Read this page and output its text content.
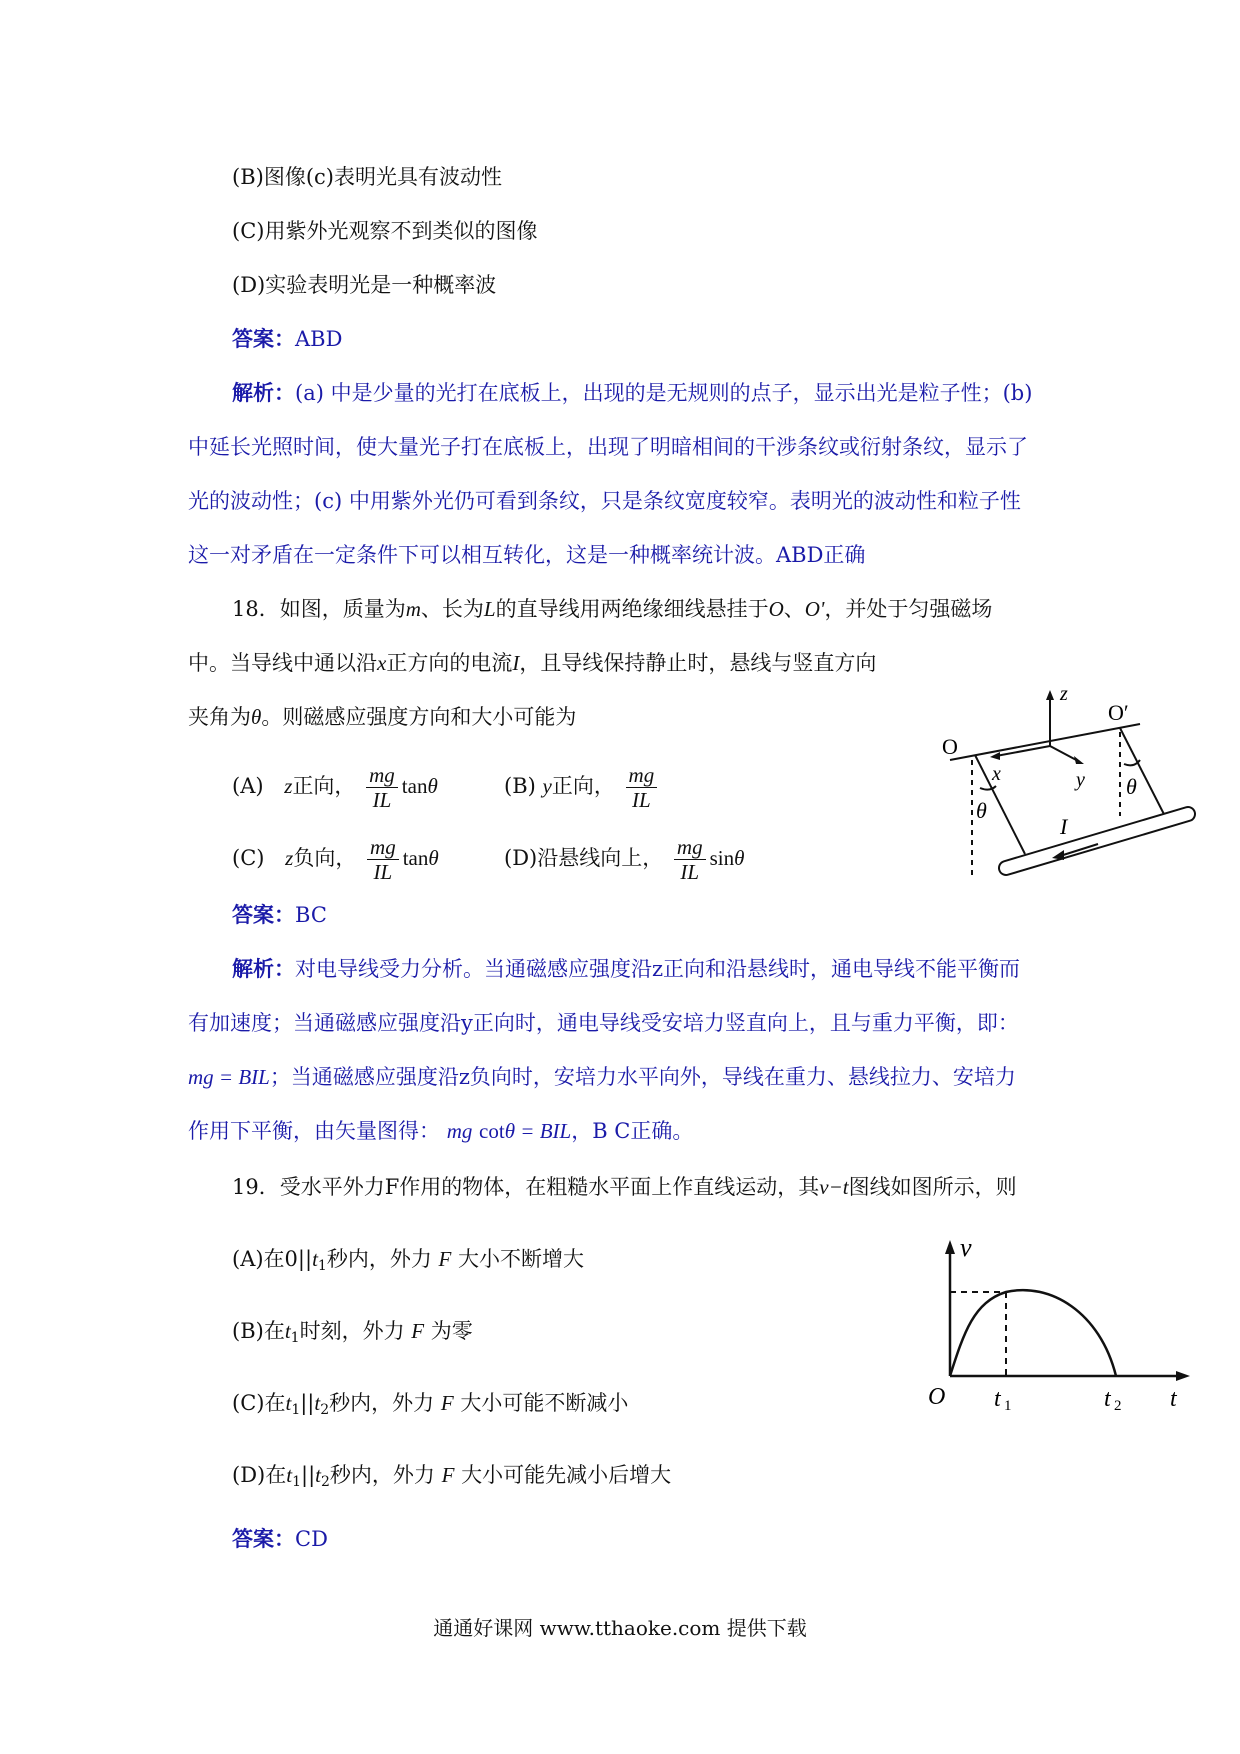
(B)图像(c)表明光具有波动性
(C)用紫外光观察不到类似的图像
(D)实验表明光是一种概率波
答案：ABD
解析：(a) 中是少量的光打在底板上，出现的是无规则的点子，显示出光是粒子性；(b)
中延长光照时间，使大量光子打在底板上，出现了明暗相间的干涉条纹或衍射条纹，显示了
光的波动性；(c) 中用紫外光仍可看到条纹，只是条纹宽度较窄。表明光的波动性和粒子性
这一对矛盾在一定条件下可以相互转化，这是一种概率统计波。ABD正确
18．如图，质量为m、长为L的直导线用两绝缘细线悬挂于O、O'，并处于匀强磁场
中。当导线中通以沿x正方向的电流I，且导线保持静止时，悬线与竖直方向
夹角为θ。则磁感应强度方向和大小可能为
(A) z正向， $\frac{mg}{IL}$ tanθ	(B) y正向， $\frac{mg}{IL}$
(C) z负向， $\frac{mg}{IL}$ tanθ	(D)沿悬线向上， $\frac{mg}{IL}$ sinθ
z
O′
O
x	y
θ
θ
I
答案：BC
解析：对电导线受力分析。当通磁感应强度沿z正向和沿悬线时，通电导线不能平衡而
有加速度；当通磁感应强度沿y正向时，通电导线受安培力竖直向上，且与重力平衡，即：
mg = BIL；当通磁感应强度沿z负向时，安培力水平向外，导线在重力、悬线拉力、安培力
作用下平衡，由矢量图得： mg cotθ = BIL，B C正确。
19．受水平外力F作用的物体，在粗糙水平面上作直线运动，其v−t图线如图所示，则
(A)在$0||t_1$秒内，外力 F 大小不断增大
(B)在$t_1$时刻，外力 F 为零
(C)在$t_1||t_2$秒内，外力 F 大小可能不断减小
(D)在$t_1||t_2$秒内，外力 F 大小可能先减小后增大
答案：CD
v
O t 1	t 2 t
通通好课网 www.tthaoke.com 提供下载
